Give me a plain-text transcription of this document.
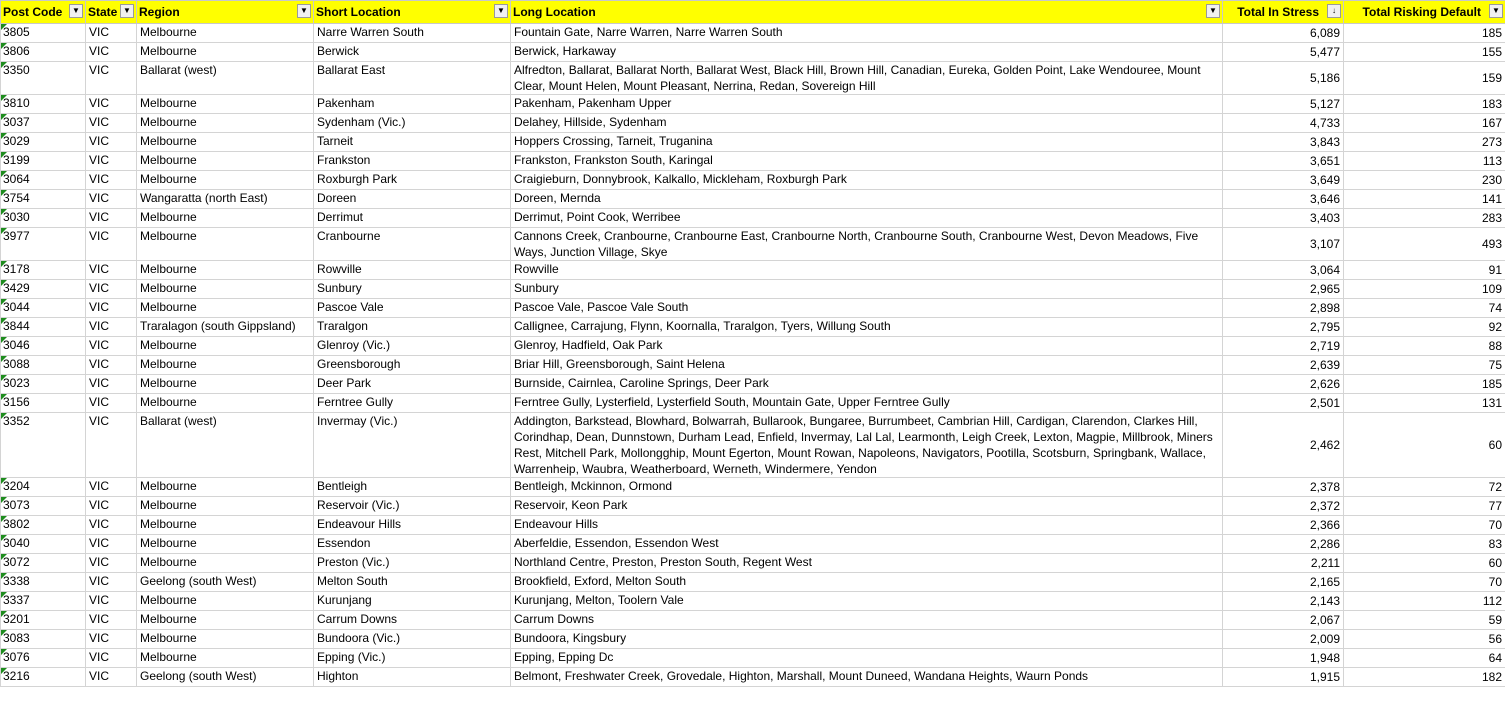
Post Code ▼	State ▼	Region ▼	Short Location ▼	Long Location ▼	Total In Stress ↓	Total Risking Default ▼

3805	VIC	Melbourne	Narre Warren South	Fountain Gate, Narre Warren, Narre Warren South	6,089	185
3806	VIC	Melbourne	Berwick	Berwick, Harkaway	5,477	155
3350	VIC	Ballarat (west)	Ballarat East	Alfredton, Ballarat, Ballarat North, Ballarat West, Black Hill, Brown Hill, Canadian, Eureka, Golden Point, Lake Wendouree, Mount Clear, Mount Helen, Mount Pleasant, Nerrina, Redan, Sovereign Hill	5,186	159
3810	VIC	Melbourne	Pakenham	Pakenham, Pakenham Upper	5,127	183
3037	VIC	Melbourne	Sydenham (Vic.)	Delahey, Hillside, Sydenham	4,733	167
3029	VIC	Melbourne	Tarneit	Hoppers Crossing, Tarneit, Truganina	3,843	273
3199	VIC	Melbourne	Frankston	Frankston, Frankston South, Karingal	3,651	113
3064	VIC	Melbourne	Roxburgh Park	Craigieburn, Donnybrook, Kalkallo, Mickleham, Roxburgh Park	3,649	230
3754	VIC	Wangaratta (north East)	Doreen	Doreen, Mernda	3,646	141
3030	VIC	Melbourne	Derrimut	Derrimut, Point Cook, Werribee	3,403	283
3977	VIC	Melbourne	Cranbourne	Cannons Creek, Cranbourne, Cranbourne East, Cranbourne North, Cranbourne South, Cranbourne West, Devon Meadows, Five Ways, Junction Village, Skye	3,107	493
3178	VIC	Melbourne	Rowville	Rowville	3,064	91
3429	VIC	Melbourne	Sunbury	Sunbury	2,965	109
3044	VIC	Melbourne	Pascoe Vale	Pascoe Vale, Pascoe Vale South	2,898	74
3844	VIC	Traralagon (south Gippsland)	Traralgon	Callignee, Carrajung, Flynn, Koornalla, Traralgon, Tyers, Willung South	2,795	92
3046	VIC	Melbourne	Glenroy (Vic.)	Glenroy, Hadfield, Oak Park	2,719	88
3088	VIC	Melbourne	Greensborough	Briar Hill, Greensborough, Saint Helena	2,639	75
3023	VIC	Melbourne	Deer Park	Burnside, Cairnlea, Caroline Springs, Deer Park	2,626	185
3156	VIC	Melbourne	Ferntree Gully	Ferntree Gully, Lysterfield, Lysterfield South, Mountain Gate, Upper Ferntree Gully	2,501	131
3352	VIC	Ballarat (west)	Invermay (Vic.)	Addington, Barkstead, Blowhard, Bolwarrah, Bullarook, Bungaree, Burrumbeet, Cambrian Hill, Cardigan, Clarendon, Clarkes Hill, Corindhap, Dean, Dunnstown, Durham Lead, Enfield, Invermay, Lal Lal, Learmonth, Leigh Creek, Lexton, Magpie, Millbrook, Miners Rest, Mitchell Park, Mollongghip, Mount Egerton, Mount Rowan, Napoleons, Navigators, Pootilla, Scotsburn, Springbank, Wallace, Warrenheip, Waubra, Weatherboard, Werneth, Windermere, Yendon	2,462	60
3204	VIC	Melbourne	Bentleigh	Bentleigh, Mckinnon, Ormond	2,378	72
3073	VIC	Melbourne	Reservoir (Vic.)	Reservoir, Keon Park	2,372	77
3802	VIC	Melbourne	Endeavour Hills	Endeavour Hills	2,366	70
3040	VIC	Melbourne	Essendon	Aberfeldie, Essendon, Essendon West	2,286	83
3072	VIC	Melbourne	Preston (Vic.)	Northland Centre, Preston, Preston South, Regent West	2,211	60
3338	VIC	Geelong (south West)	Melton South	Brookfield, Exford, Melton South	2,165	70
3337	VIC	Melbourne	Kurunjang	Kurunjang, Melton, Toolern Vale	2,143	112
3201	VIC	Melbourne	Carrum Downs	Carrum Downs	2,067	59
3083	VIC	Melbourne	Bundoora (Vic.)	Bundoora, Kingsbury	2,009	56
3076	VIC	Melbourne	Epping (Vic.)	Epping, Epping Dc	1,948	64
3216	VIC	Geelong (south West)	Highton	Belmont, Freshwater Creek, Grovedale, Highton, Marshall, Mount Duneed, Wandana Heights, Waurn Ponds	1,915	182
